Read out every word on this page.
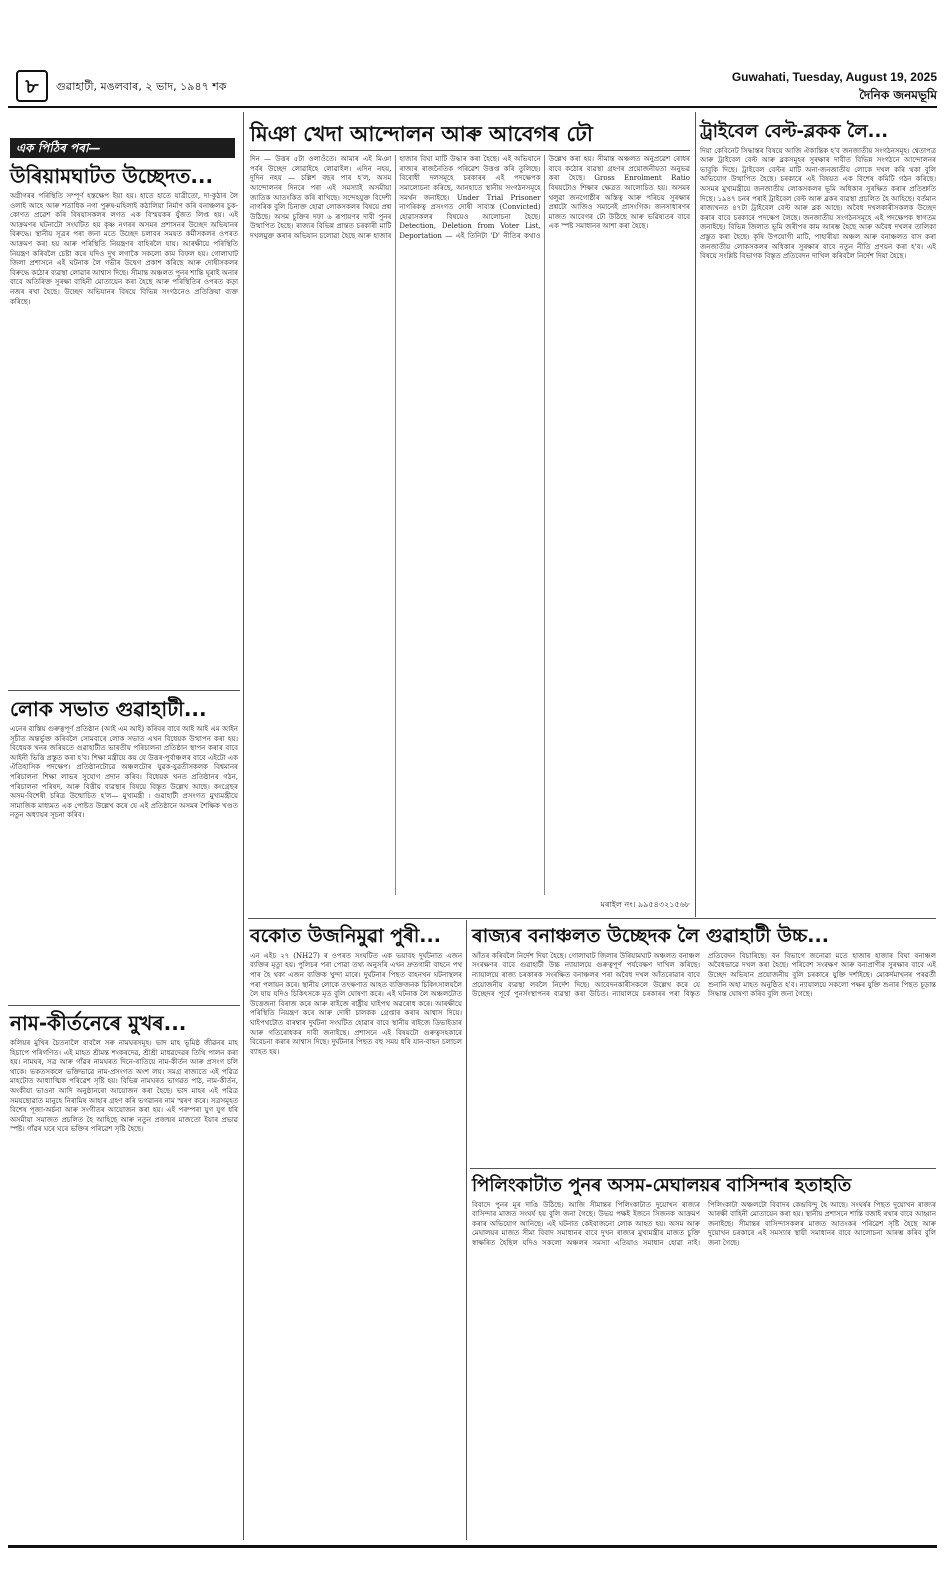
৮	গুৱাহাটী, মঙলবাৰ, ২ ভাদ, ১৯৪৭ শক
Guwahati, Tuesday, August 19, 2025
দৈনিক জনমভূমি
এক পিঠিৰ পৰা—
উৰিয়ামঘাটত উচ্ছেদত...
অগ্নীগৰৰ পৰিস্থিতি সম্পূৰ্ণ হস্তক্ষেপ ইয়া হয়। হাতে হাতে যাত্ৰীতো, দা-কুঠাৰ লৈ ওলাই আহে আৰু শতাধিক নগা পুৰুষ-মহিলাই কঠালিয়া নিৰ্মাণ কৰি বনাঞ্চলৰ চুক-কোণত প্ৰৱেশ কৰি বিষয়াসকলৰ লগত এক বিস্ময়কৰ যুঁজত লিপ্ত হয়। এই আক্ৰমণৰ ঘটনাটো সংঘটিত হয় কৃষ্ণ নগৰৰ অসমৰ প্ৰশাসনৰ উচ্ছেদ অভিযানৰ বিৰুদ্ধে। স্থানীয় সূত্ৰৰ পৰা জনা মতে উচ্ছেদ চলাবৰ সময়ত কৰ্মীসকলৰ ওপৰত আক্ৰমণ কৰা হয় আৰু পৰিস্থিতি নিয়ন্ত্ৰণৰ বাহিৰলৈ যায়। আৰক্ষীয়ে পৰিস্থিতি নিয়ন্ত্ৰণ কৰিবলৈ চেষ্টা কৰে যদিও দুখ লগাকৈ সকলো কাম বিফল হয়। গোলাঘাট জিলা প্ৰশাসনে এই ঘটনাক লৈ গভীৰ উদ্বেগ প্ৰকাশ কৰিছে আৰু দোষীসকলৰ বিৰুদ্ধে কঠোৰ ব্যৱস্থা লোৱাৰ আশ্বাস দিছে। সীমান্ত অঞ্চলত পুনৰ শান্তি ঘূৰাই অনাৰ বাবে অতিৰিক্ত সুৰক্ষা বাহিনী মোতায়েন কৰা হৈছে আৰু পৰিস্থিতিৰ ওপৰত কড়া নজৰ ৰখা হৈছে। উচ্ছেদ অভিযানৰ বিষয়ে বিভিন্ন সংগঠনেও প্ৰতিক্ৰিয়া ব্যক্ত কৰিছে।
লোক সভাত গুৱাহাটী...
এনেৰ বাস্তিয় গুৰুত্বপূৰ্ণ প্ৰতিষ্ঠান (আই এম আই) কৰিবৰ বাবে আই আই এম আইন সূচীত অন্তৰ্ভুক্ত কৰিবলৈ সোমবাৰে লোক সভাত এখন বিধেয়ক উত্থাপন কৰা হয়। বিধেয়ক খনৰ জৰিয়তে গুৱাহাটীত ভাৰতীয় পৰিচালনা প্ৰতিষ্ঠান স্থাপন কৰাৰ বাবে আইনী ভিত্তি প্ৰস্তুত কৰা হ'ব। শিক্ষা মন্ত্ৰীয়ে কয় যে উত্তৰ-পূৰ্বাঞ্চলৰ বাবে এইটো এক ঐতিহাসিক পদক্ষেপ। প্ৰতিষ্ঠানটোৱে অঞ্চলটোৰ যুৱক-যুৱতীসকলক বিশ্বমানৰ পৰিচালনা শিক্ষা লাভৰ সুযোগ প্ৰদান কৰিব। বিধেয়ক খনত প্ৰতিষ্ঠানৰ গঠন, পৰিচালনা পৰিষদ, আৰু বিত্তীয় ব্যৱস্থাৰ বিষয়ে বিস্তৃত উল্লেখ আছে। কংগ্ৰেছৰ অসম-বিশেষী চৰিত্ৰ উন্মোচিত হ'ল— মুখ্যমন্ত্ৰী ৷ গুৱাহাটী প্ৰসংগত মুখ্যমন্ত্ৰীয়ে সামাজিক মাধ্যমত এক পোষ্টত উল্লেখ কৰে যে এই প্ৰতিষ্ঠানে অসমৰ শৈক্ষিক খণ্ডত নতুন অধ্যায়ৰ সূচনা কৰিব।
নাম-কীৰ্তনেৰে মুখৰ...
কলিয়ৰ মুখিৰ চৈতন্যলৈ বাবলৈ সৰু নামঘৰসমূহ। ভাদ মাহ ভূমিষ্ঠ জীৱনৰ মাহ হিচাপে পৰিগণিত। এই মাহত শ্ৰীমন্ত শংকৰদেৱ, শ্ৰীশ্ৰী মাধৱদেৱৰ তিথি পালন কৰা হয়। নামঘৰ, সত্ৰ আৰু গাঁৱৰ নামঘৰত দিনে-ৰাতিয়ে নাম-কীৰ্তন আৰু প্ৰসংগ চলি থাকে। ভকতসকলে ভক্তিভাৱে নাম-প্ৰসংগত অংশ লয়। সমগ্ৰ ৰাজ্যতে এই পৱিত্ৰ মাহটোত আধ্যাত্মিক পৰিৱেশ সৃষ্টি হয়। বিভিন্ন নামঘৰত ভাগৱত পাঠ, নাম-কীৰ্তন, অংকীয়া ভাওনা আদি অনুষ্ঠানৰো আয়োজন কৰা হৈছে। ভাদ মাহৰ এই পৱিত্ৰ সময়ছোৱাত মানুহে নিৰামিষ আহাৰ গ্ৰহণ কৰি ভগৱানৰ নাম স্মৰণ কৰে। সত্ৰসমূহত বিশেষ পূজা-অৰ্চনা আৰু সংগীতৰ আয়োজন কৰা হয়। এই পৰম্পৰা যুগ যুগ ধৰি অসমীয়া সমাজত প্ৰচলিত হৈ আহিছে আৰু নতুন প্ৰজন্মৰ মাজতো ইয়াৰ প্ৰভাৱ স্পষ্ট। গাঁৱৰ ঘৰে ঘৰে ভক্তিৰ পৰিৱেশ সৃষ্টি হৈছে।
মিঞা খেদা আন্দোলন আৰু আবেগৰ ঢৌ
দিন — উত্তৰ ৫টা ওলাওঁতে। আমাৰ এই মিঞা পৰ্বৰ উচ্ছেদ লোৱাইহে লোৱাইল। এদিন নহয়, দুদিন নহয় — চল্লিশ বছৰ পাৰ হ'ল, অসম আন্দোলনৰ দিনৰে পৰা এই সমস্যাই অসমীয়া জাতিক আতংকিত কৰি ৰাখিছে। সন্দেহযুক্ত বিদেশী নাগৰিক বুলি চিনাক্ত হোৱা লোকসকলৰ বিষয়ে প্ৰশ্ন উঠিছে। অসম চুক্তিৰ দফা ৬ ৰূপায়ণৰ দাবী পুনৰ উত্থাপিত হৈছে। ৰাজ্যৰ বিভিন্ন প্ৰান্তত চৰকাৰী মাটি দখলমুক্ত কৰাৰ অভিযান চলোৱা হৈছে আৰু হাজাৰ হাজাৰ বিঘা মাটি উদ্ধাৰ কৰা হৈছে। এই অভিযানে ৰাজ্যৰ ৰাজনৈতিক পৰিৱেশ উত্তপ্ত কৰি তুলিছে। বিৰোধী দলসমূহে চৰকাৰৰ এই পদক্ষেপক সমালোচনা কৰিছে, আনহাতে স্থানীয় সংগঠনসমূহে সমৰ্থন জনাইছে। Under Trial Prisoner নাগৰিকত্ব প্ৰসংগত দোষী সাব্যস্ত (Convicted) হোৱাসকলৰ বিষয়েও আলোচনা হৈছে। Detection, Deletion from Voter List, Deportation — এই তিনিটা 'D' নীতিৰ কথাও উল্লেখ কৰা হয়। সীমান্ত অঞ্চলত অনুপ্ৰৱেশ ৰোধৰ বাবে কঠোৰ ব্যৱস্থা গ্ৰহণৰ প্ৰয়োজনীয়তা অনুভৱ কৰা হৈছে। Gross Enrolment Ratio বিষয়টোও শিক্ষাৰ ক্ষেত্ৰত আলোচিত হয়। অসমৰ থলুৱা জনগোষ্ঠীৰ অস্তিত্ব আৰু পৰিচয় সুৰক্ষাৰ প্ৰশ্নটো আজিও সমানেই প্ৰাসংগিক। জনসাধাৰণৰ মাজত আবেগৰ ঢৌ উঠিছে আৰু ভৱিষ্যতৰ বাবে এক স্পষ্ট সমাধানৰ আশা কৰা হৈছে।
মৰাইল নং। ৯৯৫৪৩২১৫৬৮
ট্ৰাইবেল বেল্ট-ব্লকক লৈ...
দিয়া কেবিনেট সিদ্ধান্তৰ বিষয়ে আজি ঐকান্তিক হ'ব জনজাতীয় সংগঠনসমূহ। শ্বেতাপত্ৰ আৰু ট্ৰাইবেল বেল্ট আৰু ব্লকসমূহৰ সুৰক্ষাৰ দাবীত বিভিন্ন সংগঠনে আন্দোলনৰ ভাবুকি দিছে। ট্ৰাইবেল বেল্টৰ মাটি অনা-জনজাতীয় লোকে দখল কৰি থকা বুলি অভিযোগ উত্থাপিত হৈছে। চৰকাৰে এই বিষয়ত এক বিশেষ কমিটি গঠন কৰিছে। অসমৰ মুখ্যমন্ত্ৰীয়ে জনজাতীয় লোকসকলৰ ভূমি অধিকাৰ সুৰক্ষিত কৰাৰ প্ৰতিশ্ৰুতি দিছে। ১৯৪৭ চনৰ পৰাই ট্ৰাইবেল বেল্ট আৰু ব্লকৰ ব্যৱস্থা প্ৰচলিত হৈ আহিছে। বৰ্তমান ৰাজ্যখনত ৪৭টা ট্ৰাইবেল বেল্ট আৰু ব্লক আছে। অবৈধ দখলকাৰীসকলক উচ্ছেদ কৰাৰ বাবে চৰকাৰে পদক্ষেপ লৈছে। জনজাতীয় সংগঠনসমূহে এই পদক্ষেপক স্বাগতম জনাইছে। বিভিন্ন জিলাত ভূমি জৰীপৰ কাম আৰম্ভ হৈছে আৰু অবৈধ দখলৰ তালিকা প্ৰস্তুত কৰা হৈছে। কৃষি উপযোগী মাটি, পাহাৰীয়া অঞ্চল আৰু বনাঞ্চলত বাস কৰা জনজাতীয় লোকসকলৰ অধিকাৰ সুৰক্ষাৰ বাবে নতুন নীতি প্ৰণয়ন কৰা হ'ব। এই বিষয়ে সংশ্লিষ্ট বিভাগক বিস্তৃত প্ৰতিবেদন দাখিল কৰিবলৈ নিৰ্দেশ দিয়া হৈছে।
বকোত উজনিমুৱা পুৰী...
এন এইচ ২৭ (NH27) ৰ ওপৰত সংঘটিত এক ভয়াবহ দুৰ্ঘটনাত এজন ব্যক্তিৰ মৃত্যু হয়। পুলিচৰ পৰা পোৱা তথ্য অনুসৰি এখন দ্ৰুতগামী বাহনে পথ পাৰ হৈ থকা এজন ব্যক্তিক খুন্দা মাৰে। দুৰ্ঘটনাৰ পিছত বাহনখন ঘটনাস্থলৰ পৰা পলায়ন কৰে। স্থানীয় লোকে তৎক্ষণাত আহত ব্যক্তিজনক চিকিৎসালয়লৈ লৈ যায় যদিও চিকিৎসকে মৃত বুলি ঘোষণা কৰে। এই ঘটনাক লৈ অঞ্চলটোত উত্তেজনা বিৰাজ কৰে আৰু ৰাইজে ৰাষ্ট্ৰীয় ঘাইপথ অৱৰোধ কৰে। আৰক্ষীয়ে পৰিস্থিতি নিয়ন্ত্ৰণ কৰে আৰু দোষী চালকক গ্ৰেপ্তাৰ কৰাৰ আশ্বাস দিয়ে। ঘাইপথটোত বাৰম্বাৰ দুৰ্ঘটনা সংঘটিত হোৱাৰ বাবে স্থানীয় ৰাইজে ডিভাইডাৰ আৰু গতিৰোধকৰ দাবী জনাইছে। প্ৰশাসনে এই বিষয়টো গুৰুত্বসহকাৰে বিবেচনা কৰাৰ আশ্বাস দিছে। দুৰ্ঘটনাৰ পিছত বহু সময় ধৰি যান-বাহন চলাচল ব্যাহত হয়।
ৰাজ্যৰ বনাঞ্চলত উচ্ছেদক লৈ গুৱাহাটী উচ্চ...
আঁতৰ কৰিবলৈ নিৰ্দেশ দিয়া হৈছে। গোলাঘাট জিলাৰ উৰিয়ামঘাট অঞ্চলত বনাঞ্চল সংৰক্ষণৰ বাবে গুৱাহাটী উচ্চ ন্যায়ালয়ে গুৰুত্বপূৰ্ণ পৰ্যবেক্ষণ দাখিল কৰিছে। ন্যায়ালয়ে ৰাজ্য চৰকাৰক সংৰক্ষিত বনাঞ্চলৰ পৰা অবৈধ দখল আঁতৰোৱাৰ বাবে প্ৰয়োজনীয় ব্যৱস্থা লবলৈ নিৰ্দেশ দিছে। আবেদনকাৰীসকলে উল্লেখ কৰে যে উচ্ছেদৰ পূৰ্বে পুনৰ্সংস্থাপনৰ ব্যৱস্থা কৰা উচিত। ন্যায়ালয়ে চৰকাৰৰ পৰা বিস্তৃত প্ৰতিবেদন বিচাৰিছে। বন বিভাগে জনোৱা মতে হাজাৰ হাজাৰ বিঘা বনাঞ্চল অবৈধভাৱে দখল কৰা হৈছে। পৰিবেশ সংৰক্ষণ আৰু বন্যপ্ৰাণীৰ সুৰক্ষাৰ বাবে এই উচ্ছেদ অভিযান প্ৰয়োজনীয় বুলি চৰকাৰে যুক্তি দৰ্শাইছে। মোকৰ্দমাখনৰ পৰৱৰ্তী শুনানি অহা মাহত অনুষ্ঠিত হ'ব। ন্যায়ালয়ে সকলো পক্ষৰ যুক্তি শুনাৰ পিছত চূড়ান্ত সিদ্ধান্ত ঘোষণা কৰিব বুলি জনা গৈছে।
পিলিংকাটাত পুনৰ অসম-মেঘালয়ৰ বাসিন্দাৰ হতাহতি
বিবাদে পুনৰ মূৰ দাঙি উঠিছে। আজি সীমান্তৰ পিলিংকাটাত দুয়োখন ৰাজ্যৰ বাসিন্দাৰ মাজত সংঘৰ্ষ হয় বুলি জনা গৈছে। উভয় পক্ষই ইজনে সিজনক আক্ৰমণ কৰাৰ অভিযোগ আনিছে। এই ঘটনাত কেইবাজনো লোক আহত হয়। অসম আৰু মেঘালয়ৰ মাজত সীমা বিবাদ সমাধানৰ বাবে দুখন ৰাজ্যৰ মুখ্যমন্ত্ৰীৰ মাজত চুক্তি স্বাক্ষৰিত হৈছিল যদিও সকলো অঞ্চলৰ সমস্যা এতিয়াও সমাধান হোৱা নাই। পিলিংকাটা অঞ্চলটো বিবাদৰ কেন্দ্ৰবিন্দু হৈ আছে। সংঘৰ্ষৰ পিছত দুয়োখন ৰাজ্যৰ আৰক্ষী বাহিনী মোতায়েন কৰা হয়। স্থানীয় প্ৰশাসনে শান্তি বজাই ৰখাৰ বাবে আহ্বান জনাইছে। সীমান্তৰ বাসিন্দাসকলৰ মাজত আতংকৰ পৰিৱেশ সৃষ্টি হৈছে আৰু দুয়োখন চৰকাৰে এই সমস্যাৰ স্থায়ী সমাধানৰ বাবে আলোচনা আৰম্ভ কৰিব বুলি জনা গৈছে।
